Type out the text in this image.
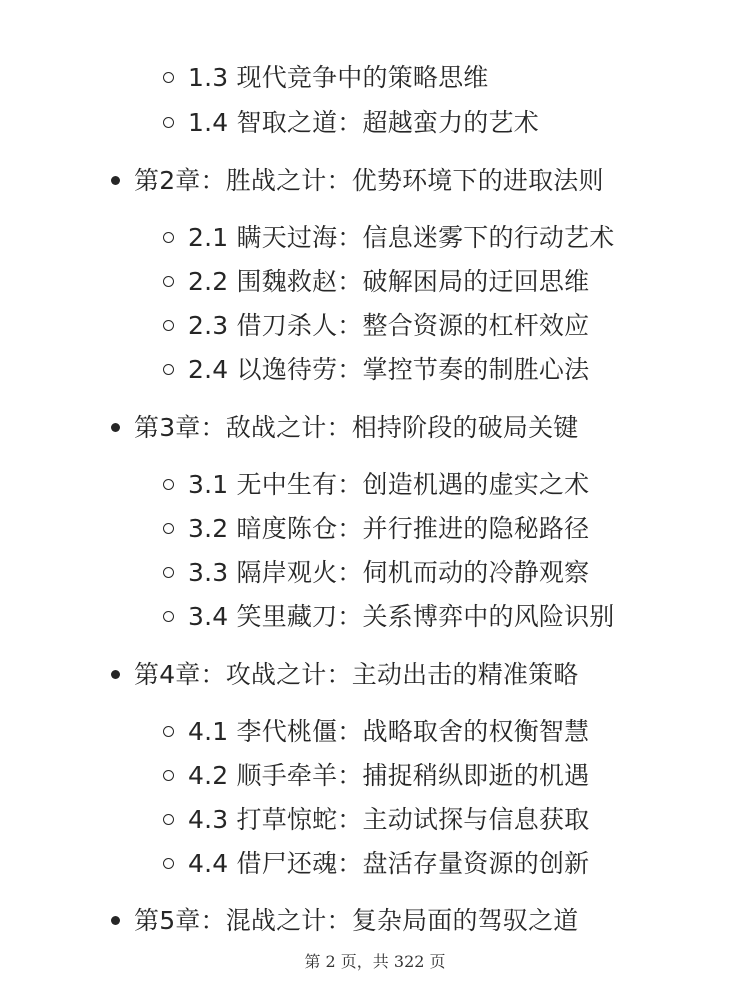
1.3 现代竞争中的策略思维
1.4 智取之道：超越蛮力的艺术
第2章：胜战之计：优势环境下的进取法则
2.1 瞒天过海：信息迷雾下的行动艺术
2.2 围魏救赵：破解困局的迂回思维
2.3 借刀杀人：整合资源的杠杆效应
2.4 以逸待劳：掌控节奏的制胜心法
第3章：敌战之计：相持阶段的破局关键
3.1 无中生有：创造机遇的虚实之术
3.2 暗度陈仓：并行推进的隐秘路径
3.3 隔岸观火：伺机而动的冷静观察
3.4 笑里藏刀：关系博弈中的风险识别
第4章：攻战之计：主动出击的精准策略
4.1 李代桃僵：战略取舍的权衡智慧
4.2 顺手牵羊：捕捉稍纵即逝的机遇
4.3 打草惊蛇：主动试探与信息获取
4.4 借尸还魂：盘活存量资源的创新
第5章：混战之计：复杂局面的驾驭之道
第 2 页，共 322 页
